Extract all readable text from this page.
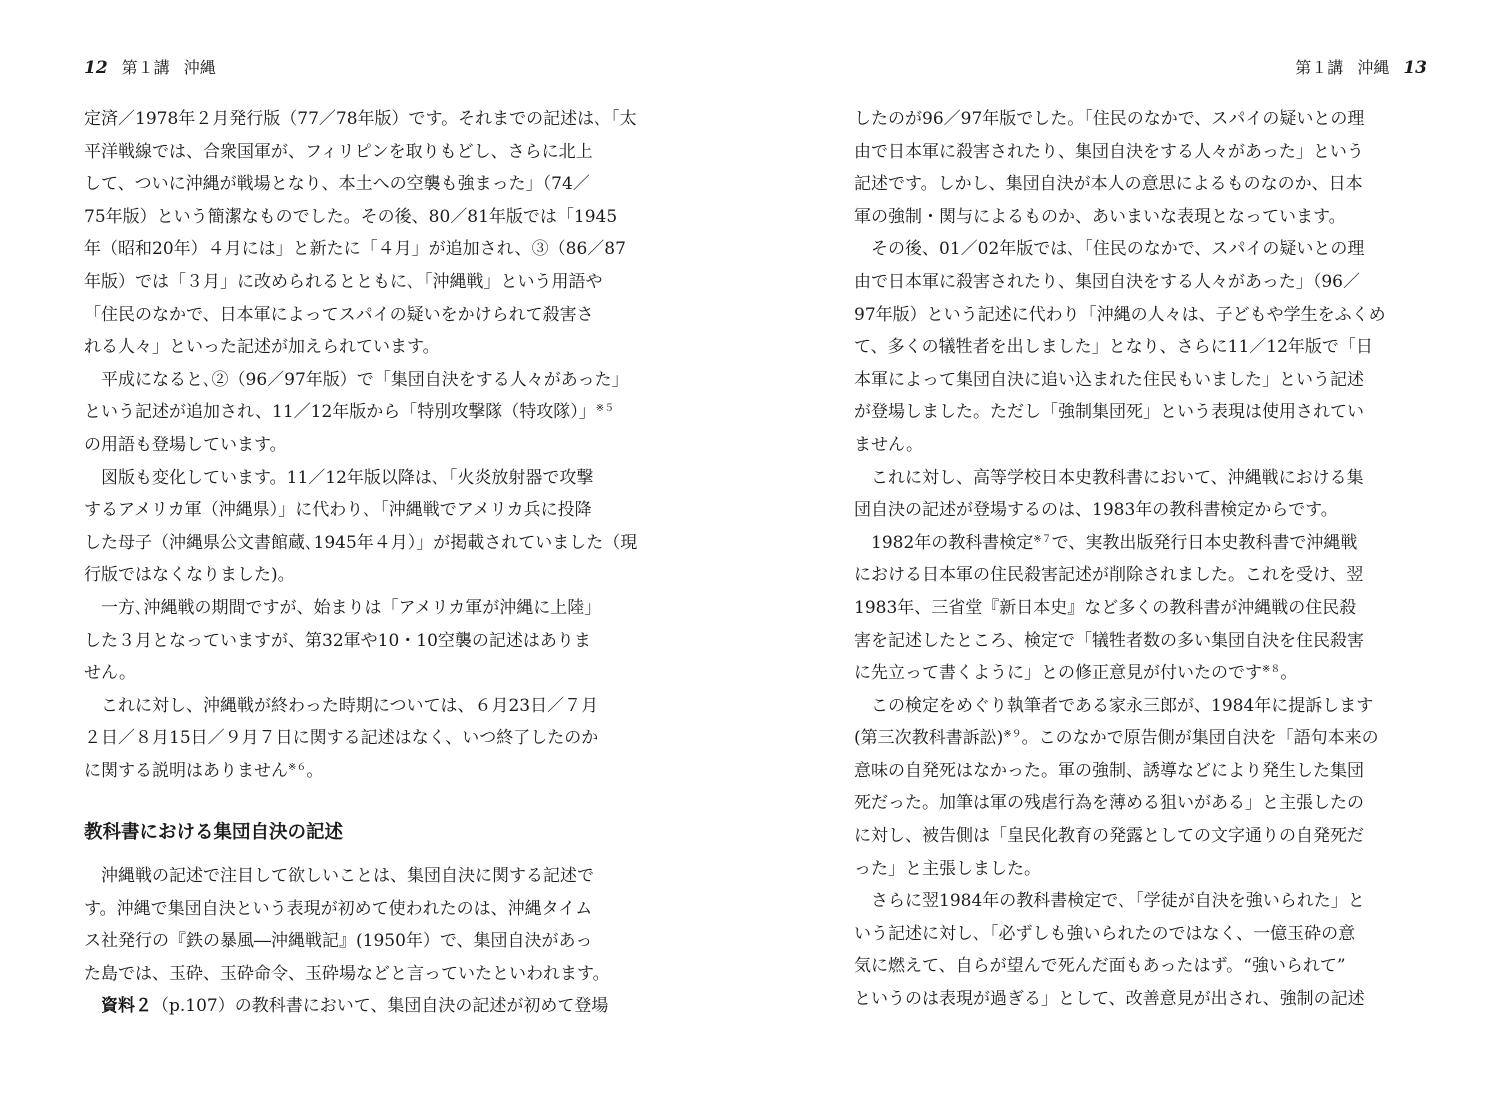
12 第１講 沖縄
定済／1978年２月発行版（77／78年版）です。それまでの記述は､「太
平洋戦線では、合衆国軍が、フィリピンを取りもどし、さらに北上
して、ついに沖縄が戦場となり、本土への空襲も強まった」（74／
75年版）という簡潔なものでした。その後、80／81年版では「1945
年（昭和20年）４月には」と新たに「４月」が追加され、③（86／87
年版）では「３月」に改められるとともに､「沖縄戦」という用語や
「住民のなかで、日本軍によってスパイの疑いをかけられて殺害さ
れる人々」といった記述が加えられています。
平成になると､②（96／97年版）で「集団自決をする人々があった」
という記述が追加され、11／12年版から「特別攻撃隊（特攻隊）」$^{※5}$
の用語も登場しています。
図版も変化しています。11／12年版以降は､「火炎放射器で攻撃
するアメリカ軍（沖縄県）」に代わり､「沖縄戦でアメリカ兵に投降
した母子（沖縄県公文書館蔵､1945年４月）」が掲載されていました（現
行版ではなくなりました)。
一方､沖縄戦の期間ですが、始まりは「アメリカ軍が沖縄に上陸」
した３月となっていますが、第32軍や10・10空襲の記述はありま
せん。
これに対し、沖縄戦が終わった時期については、６月23日／７月
２日／８月15日／９月７日に関する記述はなく、いつ終了したのか
に関する説明はありません$^{※6}$。
教科書における集団自決の記述
沖縄戦の記述で注目して欲しいことは、集団自決に関する記述で
す。沖縄で集団自決という表現が初めて使われたのは、沖縄タイム
ス社発行の『鉄の暴風―沖縄戦記』(1950年）で、集団自決があっ
た島では、玉砕、玉砕命令、玉砕場などと言っていたといわれます。
資料２（p.107）の教科書において、集団自決の記述が初めて登場
第１講 沖縄 13
したのが96／97年版でした。「住民のなかで、スパイの疑いとの理
由で日本軍に殺害されたり、集団自決をする人々があった」という
記述です。しかし、集団自決が本人の意思によるものなのか、日本
軍の強制・関与によるものか、あいまいな表現となっています。
その後、01／02年版では､「住民のなかで、スパイの疑いとの理
由で日本軍に殺害されたり、集団自決をする人々があった」（96／
97年版）という記述に代わり「沖縄の人々は、子どもや学生をふくめ
て、多くの犠牲者を出しました」となり、さらに11／12年版で「日
本軍によって集団自決に追い込まれた住民もいました」という記述
が登場しました。ただし「強制集団死」という表現は使用されてい
ません。
これに対し、高等学校日本史教科書において、沖縄戦における集
団自決の記述が登場するのは、1983年の教科書検定からです。
1982年の教科書検定$^{※7}$で、実教出版発行日本史教科書で沖縄戦
における日本軍の住民殺害記述が削除されました。これを受け、翌
1983年、三省堂『新日本史』など多くの教科書が沖縄戦の住民殺
害を記述したところ、検定で「犠牲者数の多い集団自決を住民殺害
に先立って書くように」との修正意見が付いたのです$^{※8}$。
この検定をめぐり執筆者である家永三郎が、1984年に提訴します
(第三次教科書訴訟)$^{※9}$。このなかで原告側が集団自決を「語句本来の
意味の自発死はなかった。軍の強制、誘導などにより発生した集団
死だった。加筆は軍の残虐行為を薄める狙いがある」と主張したの
に対し、被告側は「皇民化教育の発露としての文字通りの自発死だ
った」と主張しました。
さらに翌1984年の教科書検定で､「学徒が自決を強いられた」と
いう記述に対し､「必ずしも強いられたのではなく、一億玉砕の意
気に燃えて、自らが望んで死んだ面もあったはず。“強いられて”
というのは表現が過ぎる」として、改善意見が出され、強制の記述
